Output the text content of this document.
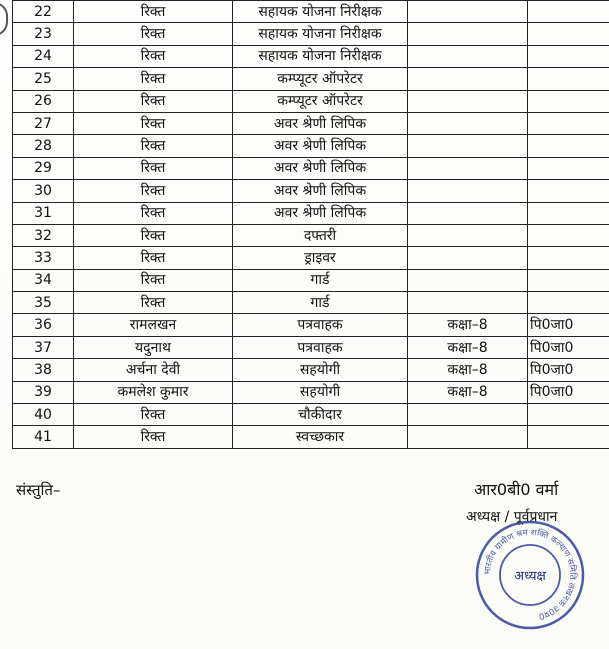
22	रिक्त	सहायक योजना निरीक्षक		
23	रिक्त	सहायक योजना निरीक्षक		
24	रिक्त	सहायक योजना निरीक्षक		
25	रिक्त	कम्प्यूटर ऑपरेटर		
26	रिक्त	कम्प्यूटर ऑपरेटर		
27	रिक्त	अवर श्रेणी लिपिक		
28	रिक्त	अवर श्रेणी लिपिक		
29	रिक्त	अवर श्रेणी लिपिक		
30	रिक्त	अवर श्रेणी लिपिक		
31	रिक्त	अवर श्रेणी लिपिक		
32	रिक्त	दफ्तरी		
33	रिक्त	ड्राइवर		
34	रिक्त	गार्ड		
35	रिक्त	गार्ड		
36	रामलखन	पत्रवाहक	कक्षा–8	पि0जा0
37	यदुनाथ	पत्रवाहक	कक्षा–8	पि0जा0
38	अर्चना देवी	सहयोगी	कक्षा–8	पि0जा0
39	कमलेश कुमार	सहयोगी	कक्षा–8	पि0जा0
40	रिक्त	चौकीदार		
41	रिक्त	स्वच्छकार		
संस्तुति–	आर0बी0 वर्मा
अध्यक्ष / पूर्वप्रधान
भारतीय ग्रामीण श्रम शक्ति कल्याण समिति लखनऊ उ0प्र0
अध्यक्ष
